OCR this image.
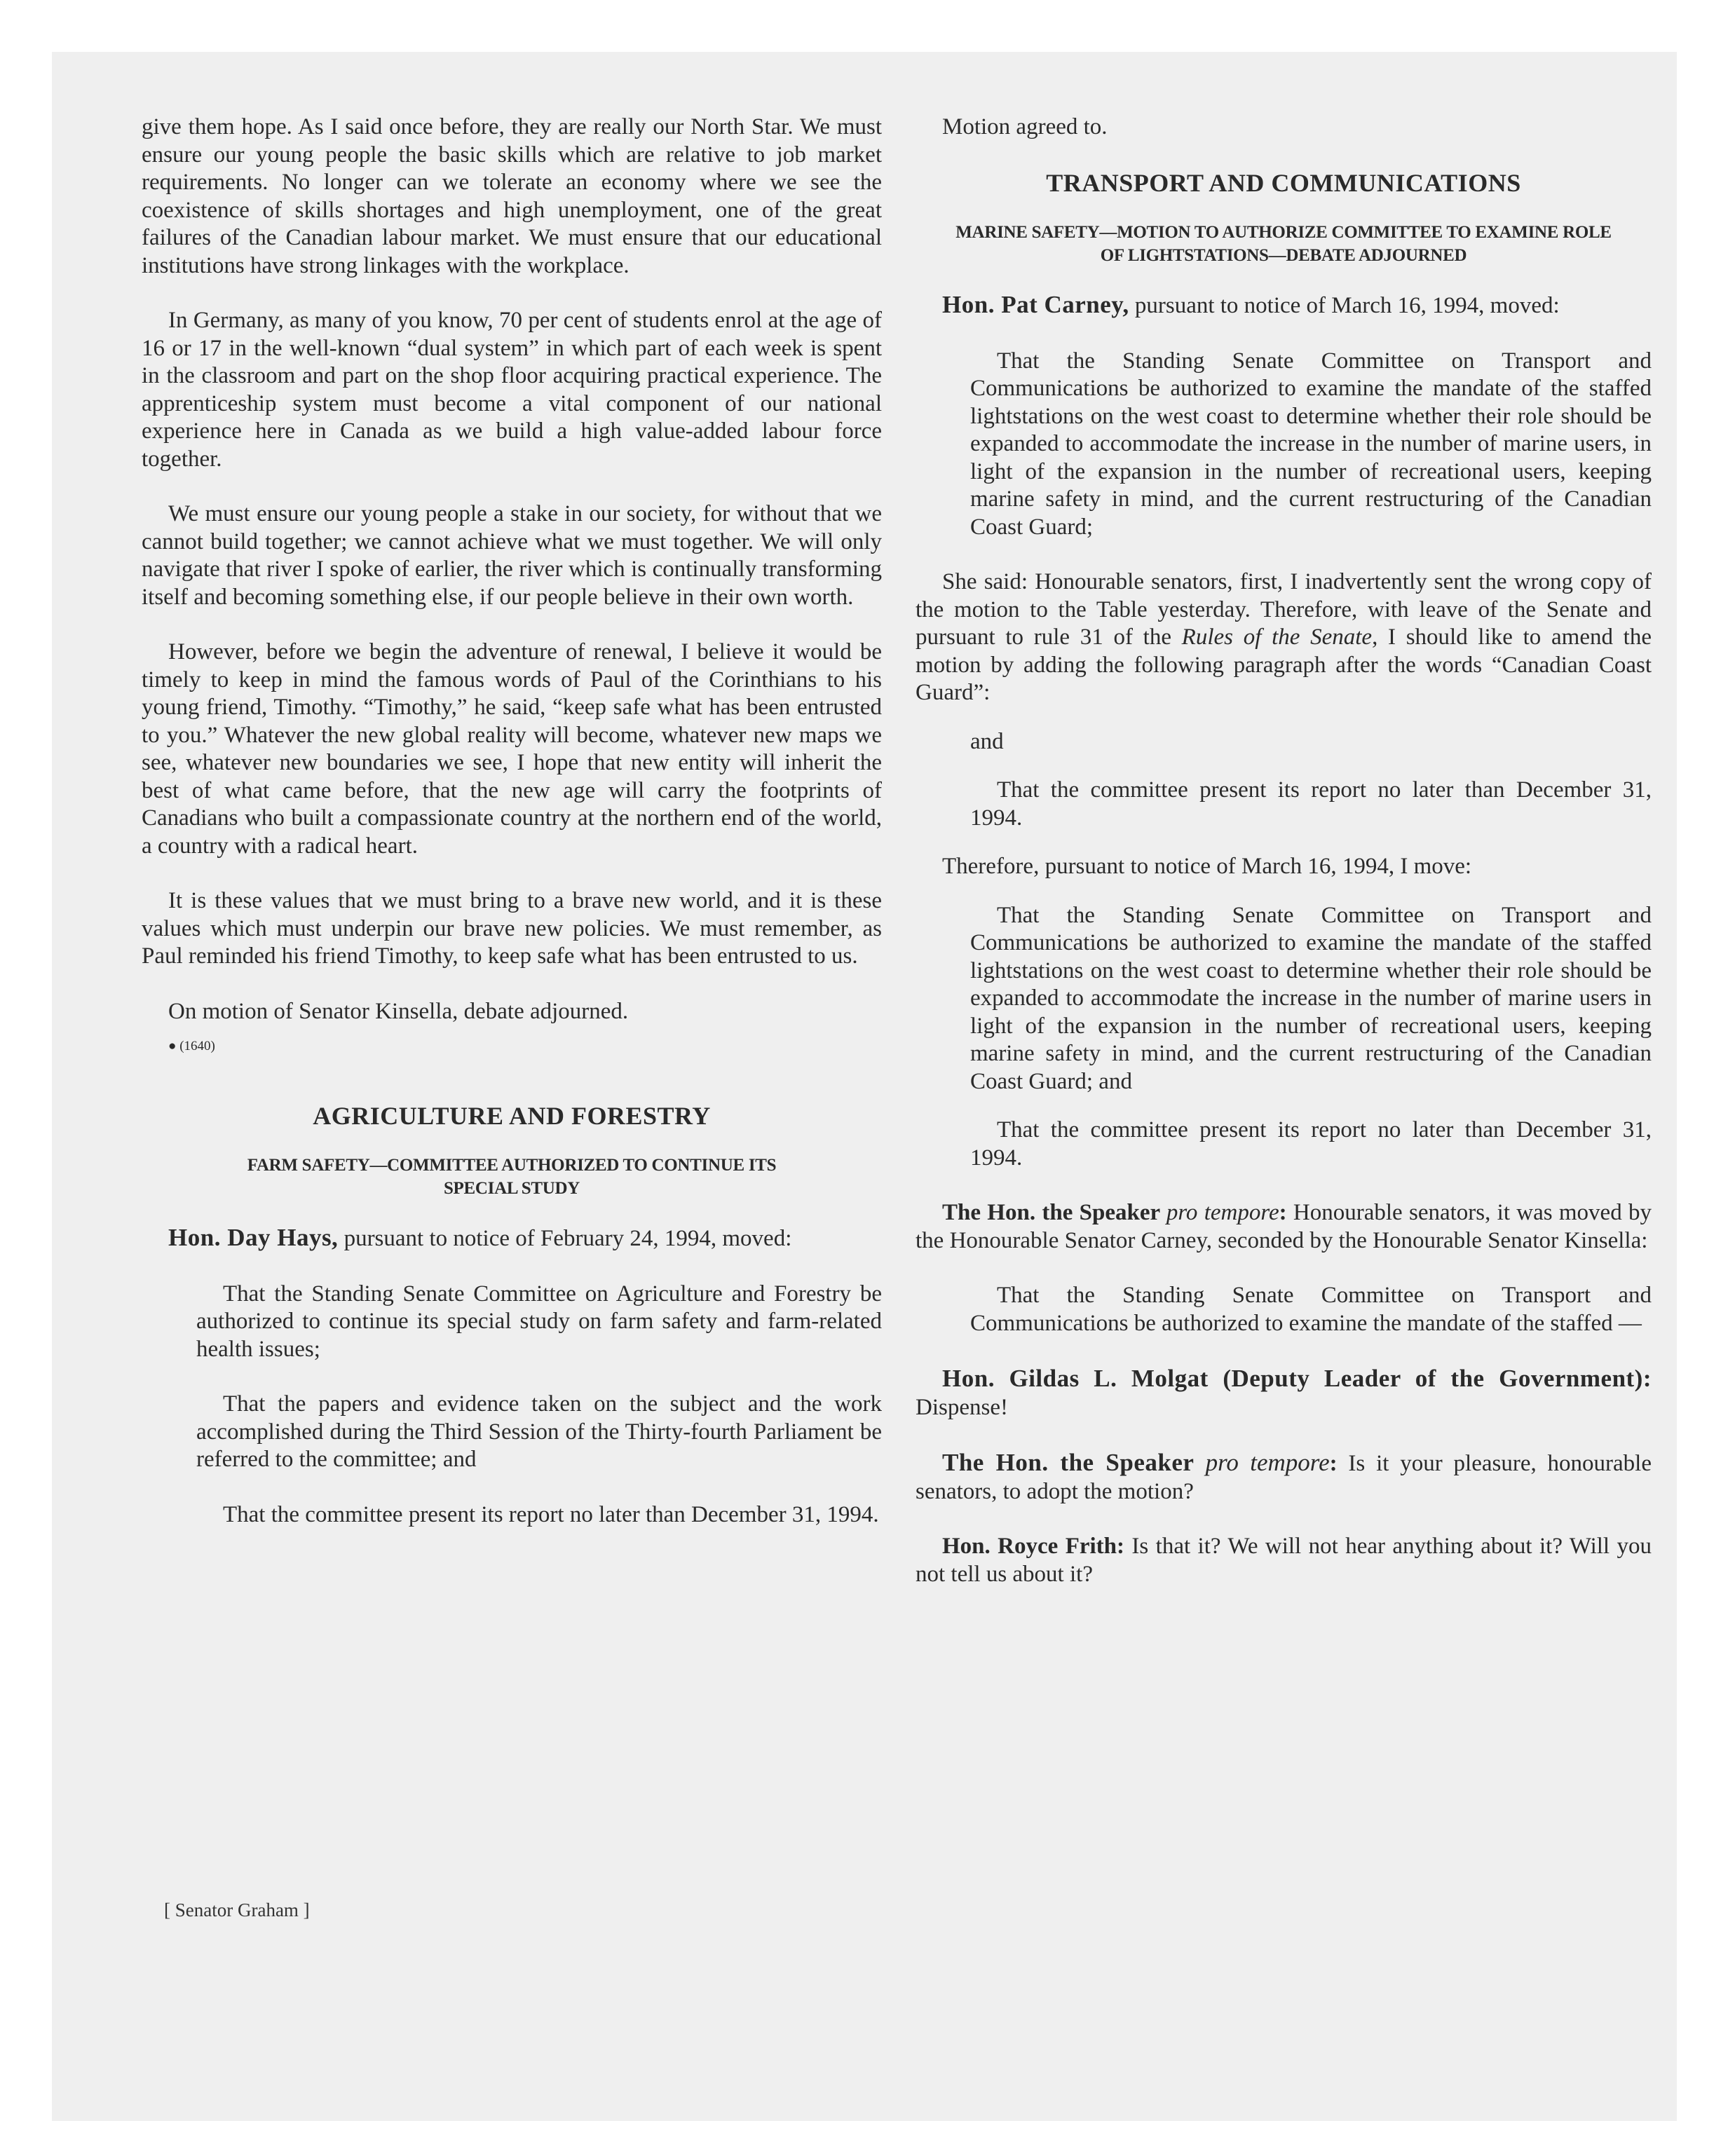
give them hope. As I said once before, they are really our North Star. We must ensure our young people the basic skills which are relative to job market requirements. No longer can we tolerate an economy where we see the coexistence of skills shortages and high unemployment, one of the great failures of the Canadian labour market. We must ensure that our educational institutions have strong linkages with the workplace.

In Germany, as many of you know, 70 per cent of students enrol at the age of 16 or 17 in the well-known “dual system” in which part of each week is spent in the classroom and part on the shop floor acquiring practical experience. The apprenticeship system must become a vital component of our national experience here in Canada as we build a high value-added labour force together.

We must ensure our young people a stake in our society, for without that we cannot build together; we cannot achieve what we must together. We will only navigate that river I spoke of earlier, the river which is continually transforming itself and becoming something else, if our people believe in their own worth.

However, before we begin the adventure of renewal, I believe it would be timely to keep in mind the famous words of Paul of the Corinthians to his young friend, Timothy. “Timothy,” he said, “keep safe what has been entrusted to you.” Whatever the new global reality will become, whatever new maps we see, whatever new boundaries we see, I hope that new entity will inherit the best of what came before, that the new age will carry the footprints of Canadians who built a compassionate country at the northern end of the world, a country with a radical heart.

It is these values that we must bring to a brave new world, and it is these values which must underpin our brave new policies. We must remember, as Paul reminded his friend Timothy, to keep safe what has been entrusted to us.

On motion of Senator Kinsella, debate adjourned.

● (1640)

AGRICULTURE AND FORESTRY
FARM SAFETY—COMMITTEE AUTHORIZED TO CONTINUE ITS SPECIAL STUDY

Hon. Day Hays, pursuant to notice of February 24, 1994, moved:

That the Standing Senate Committee on Agriculture and Forestry be authorized to continue its special study on farm safety and farm-related health issues;

That the papers and evidence taken on the subject and the work accomplished during the Third Session of the Thirty-fourth Parliament be referred to the committee; and

That the committee present its report no later than December 31, 1994.

Motion agreed to.

TRANSPORT AND COMMUNICATIONS
MARINE SAFETY—MOTION TO AUTHORIZE COMMITTEE TO EXAMINE ROLE OF LIGHTSTATIONS—DEBATE ADJOURNED

Hon. Pat Carney, pursuant to notice of March 16, 1994, moved:

That the Standing Senate Committee on Transport and Communications be authorized to examine the mandate of the staffed lightstations on the west coast to determine whether their role should be expanded to accommodate the increase in the number of marine users, in light of the expansion in the number of recreational users, keeping marine safety in mind, and the current restructuring of the Canadian Coast Guard;

She said: Honourable senators, first, I inadvertently sent the wrong copy of the motion to the Table yesterday. Therefore, with leave of the Senate and pursuant to rule 31 of the Rules of the Senate, I should like to amend the motion by adding the following paragraph after the words “Canadian Coast Guard”:

and

That the committee present its report no later than December 31, 1994.

Therefore, pursuant to notice of March 16, 1994, I move:

That the Standing Senate Committee on Transport and Communications be authorized to examine the mandate of the staffed lightstations on the west coast to determine whether their role should be expanded to accommodate the increase in the number of marine users in light of the expansion in the number of recreational users, keeping marine safety in mind, and the current restructuring of the Canadian Coast Guard; and

That the committee present its report no later than December 31, 1994.

The Hon. the Speaker pro tempore: Honourable senators, it was moved by the Honourable Senator Carney, seconded by the Honourable Senator Kinsella:

That the Standing Senate Committee on Transport and Communications be authorized to examine the mandate of the staffed —

Hon. Gildas L. Molgat (Deputy Leader of the Government): Dispense!

The Hon. the Speaker pro tempore: Is it your pleasure, honourable senators, to adopt the motion?

Hon. Royce Frith: Is that it? We will not hear anything about it? Will you not tell us about it?

[ Senator Graham ]
